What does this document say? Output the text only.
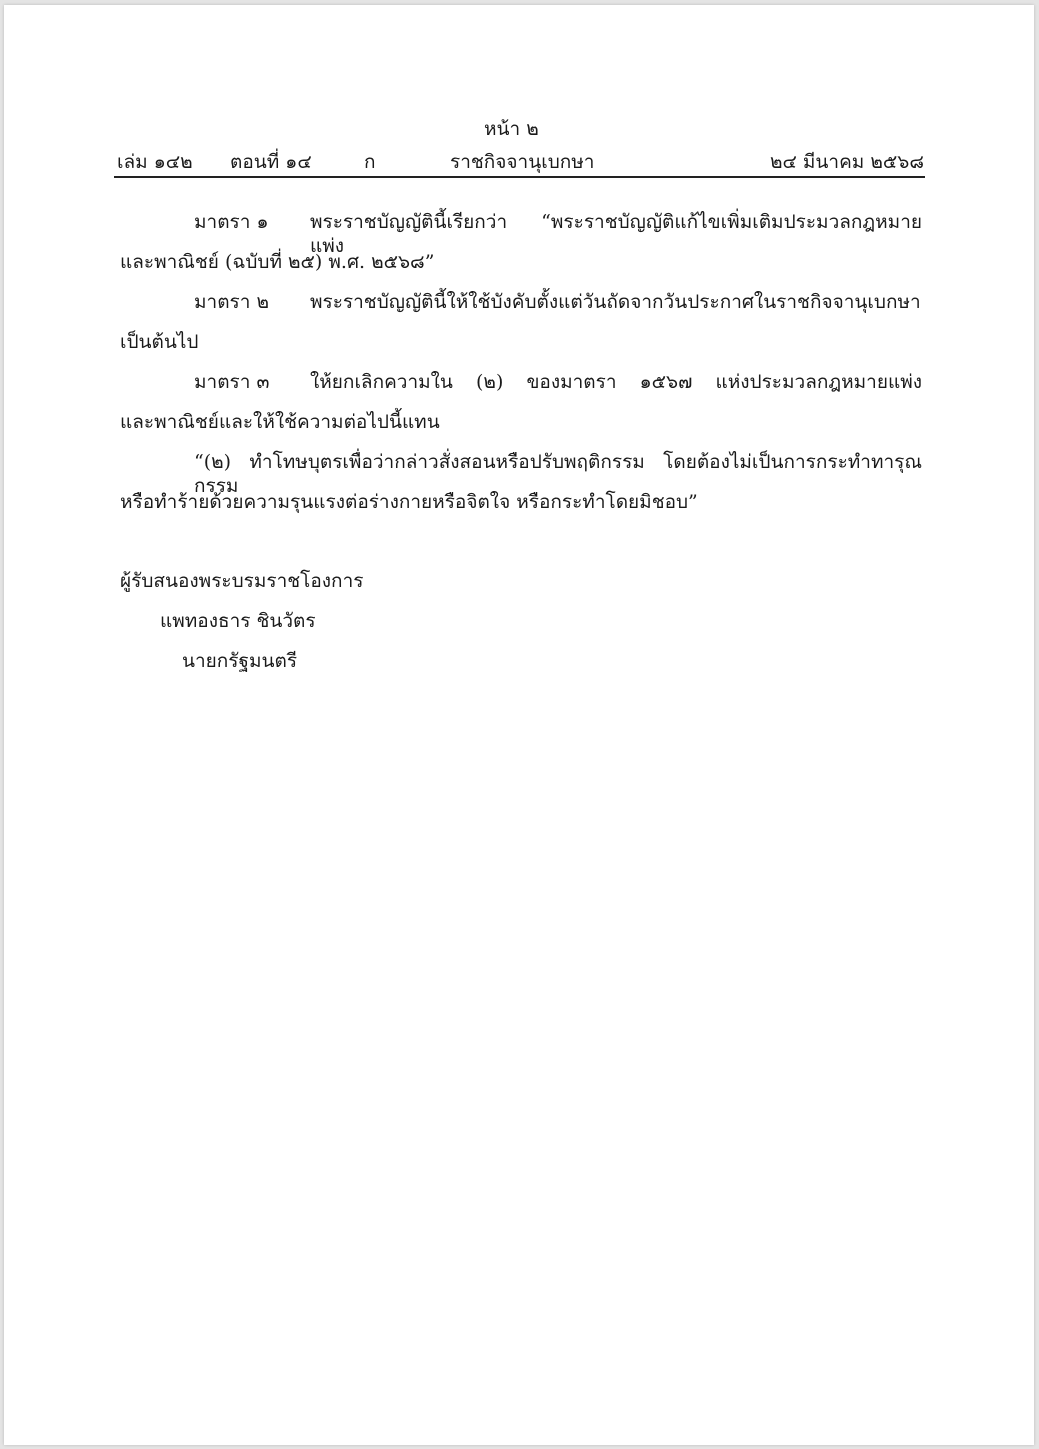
หน้า ๒
เล่ม ๑๔๒ ตอนที่ ๑๔	ก	ราชกิจจานุเบกษา	๒๔ มีนาคม ๒๕๖๘
มาตรา ๑ พระราชบัญญัตินี้เรียกว่า “พระราชบัญญัติแก้ไขเพิ่มเติมประมวลกฎหมายแพ่ง
และพาณิชย์ (ฉบับที่ ๒๕) พ.ศ. ๒๕๖๘”
มาตรา ๒ พระราชบัญญัตินี้ให้ใช้บังคับตั้งแต่วันถัดจากวันประกาศในราชกิจจานุเบกษา
เป็นต้นไป
มาตรา ๓ ให้ยกเลิกความใน (๒) ของมาตรา ๑๕๖๗ แห่งประมวลกฎหมายแพ่ง
และพาณิชย์และให้ใช้ความต่อไปนี้แทน
“(๒) ทำโทษบุตรเพื่อว่ากล่าวสั่งสอนหรือปรับพฤติกรรม โดยต้องไม่เป็นการกระทำทารุณกรรม
หรือทำร้ายด้วยความรุนแรงต่อร่างกายหรือจิตใจ หรือกระทำโดยมิชอบ”
ผู้รับสนองพระบรมราชโองการ
แพทองธาร ชินวัตร
นายกรัฐมนตรี
